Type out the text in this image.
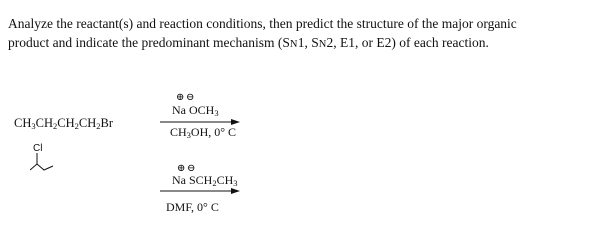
Analyze the reactant(s) and reaction conditions, then predict the structure of the major organic
product and indicate the predominant mechanism (SN1, SN2, E1, or E2) of each reaction.

$CH_3CH_2CH_2CH_2Br$
⊕ ⊖
Na $OCH_3$
$CH_3OH$, 0° C
Cl
⊕ ⊖
Na $SCH_2CH_3$
DMF, 0° C
